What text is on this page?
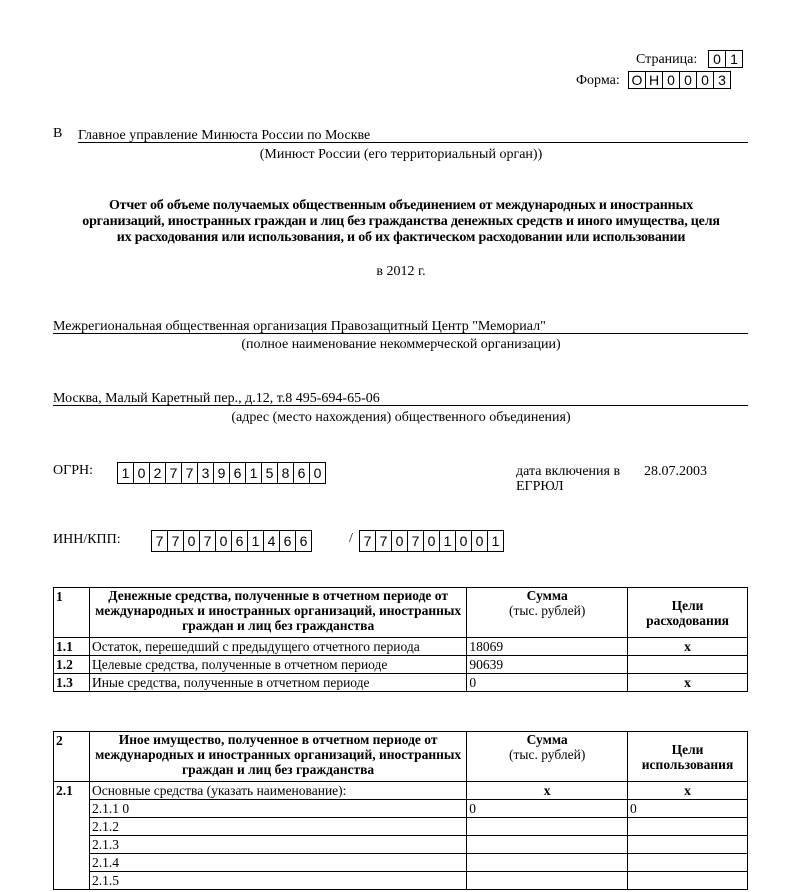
Страница:	0 1
Форма: О Н 0 0 0 3
В Главное управление Минюста России по Москве
(Минюст России (его территориальный орган))
Отчет об объеме получаемых общественным объединением от международных и иностранных
организаций, иностранных граждан и лиц без гражданства денежных средств и иного имущества, целя
их расходования или использования, и об их фактическом расходовании или использовании
в 2012 г.
Межрегиональная общественная организация Правозащитный Центр "Мемориал"
(полное наименование некоммерческой организации)
Москва, Малый Каретный пер., д.12, т.8 495-694-65-06
(адрес (место нахождения) общественного объединения)
ОГРН:	1 0 2 7 7 3 9 6 1 5 8 6 0	дата включения в
ЕГРЮЛ
28.07.2003
ИНН/КПП:	7 7 0 7 0 6 1 4 6 6	/ 7 7 0 7 0 1 0 0 1
1	Денежные средства, полученные в отчетном периоде от международных и иностранных организаций, иностранных граждан и лиц без гражданства	Сумма
(тыс. рублей)	Цели расходования
1.1	Остаток, перешедший с предыдущего отчетного периода	18069	x
1.2	Целевые средства, полученные в отчетном периоде	90639	
1.3	Иные средства, полученные в отчетном периоде	0	x
2	Иное имущество, полученное в отчетном периоде от международных и иностранных организаций, иностранных граждан и лиц без гражданства	Сумма
(тыс. рублей)	Цели использования
2.1	Основные средства (указать наименование):	x	x
	2.1.1 0	0	0
	2.1.2		
	2.1.3		
	2.1.4		
	2.1.5		
